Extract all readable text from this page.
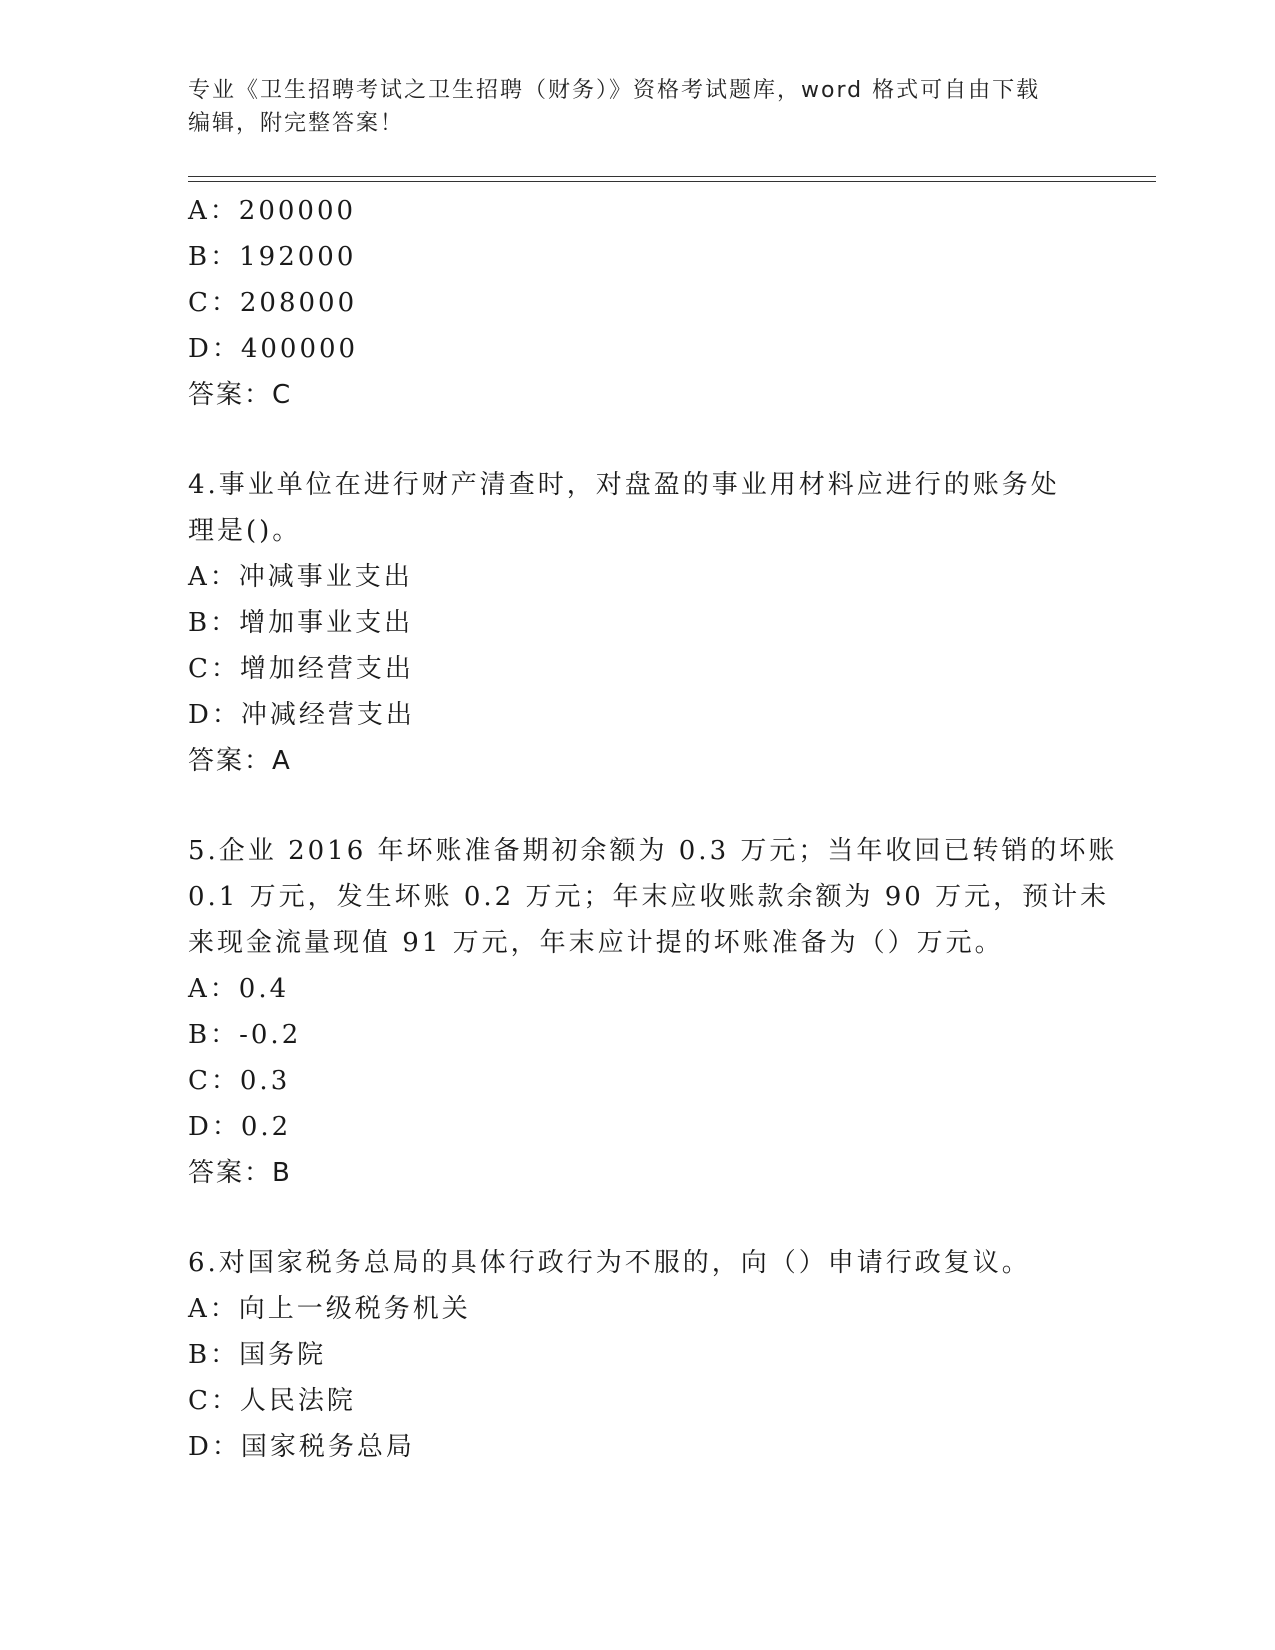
专业《卫生招聘考试之卫生招聘（财务）》资格考试题库，word 格式可自由下载
编辑，附完整答案！
A：200000
B：192000
C：208000
D：400000
答案：C
4.事业单位在进行财产清查时，对盘盈的事业用材料应进行的账务处
理是()。
A：冲减事业支出
B：增加事业支出
C：增加经营支出
D：冲减经营支出
答案：A
5.企业 2016 年坏账准备期初余额为 0.3 万元；当年收回已转销的坏账
0.1 万元，发生坏账 0.2 万元；年末应收账款余额为 90 万元，预计未
来现金流量现值 91 万元，年末应计提的坏账准备为（）万元。
A：0.4
B：-0.2
C：0.3
D：0.2
答案：B
6.对国家税务总局的具体行政行为不服的，向（）申请行政复议。
A：向上一级税务机关
B：国务院
C：人民法院
D：国家税务总局
